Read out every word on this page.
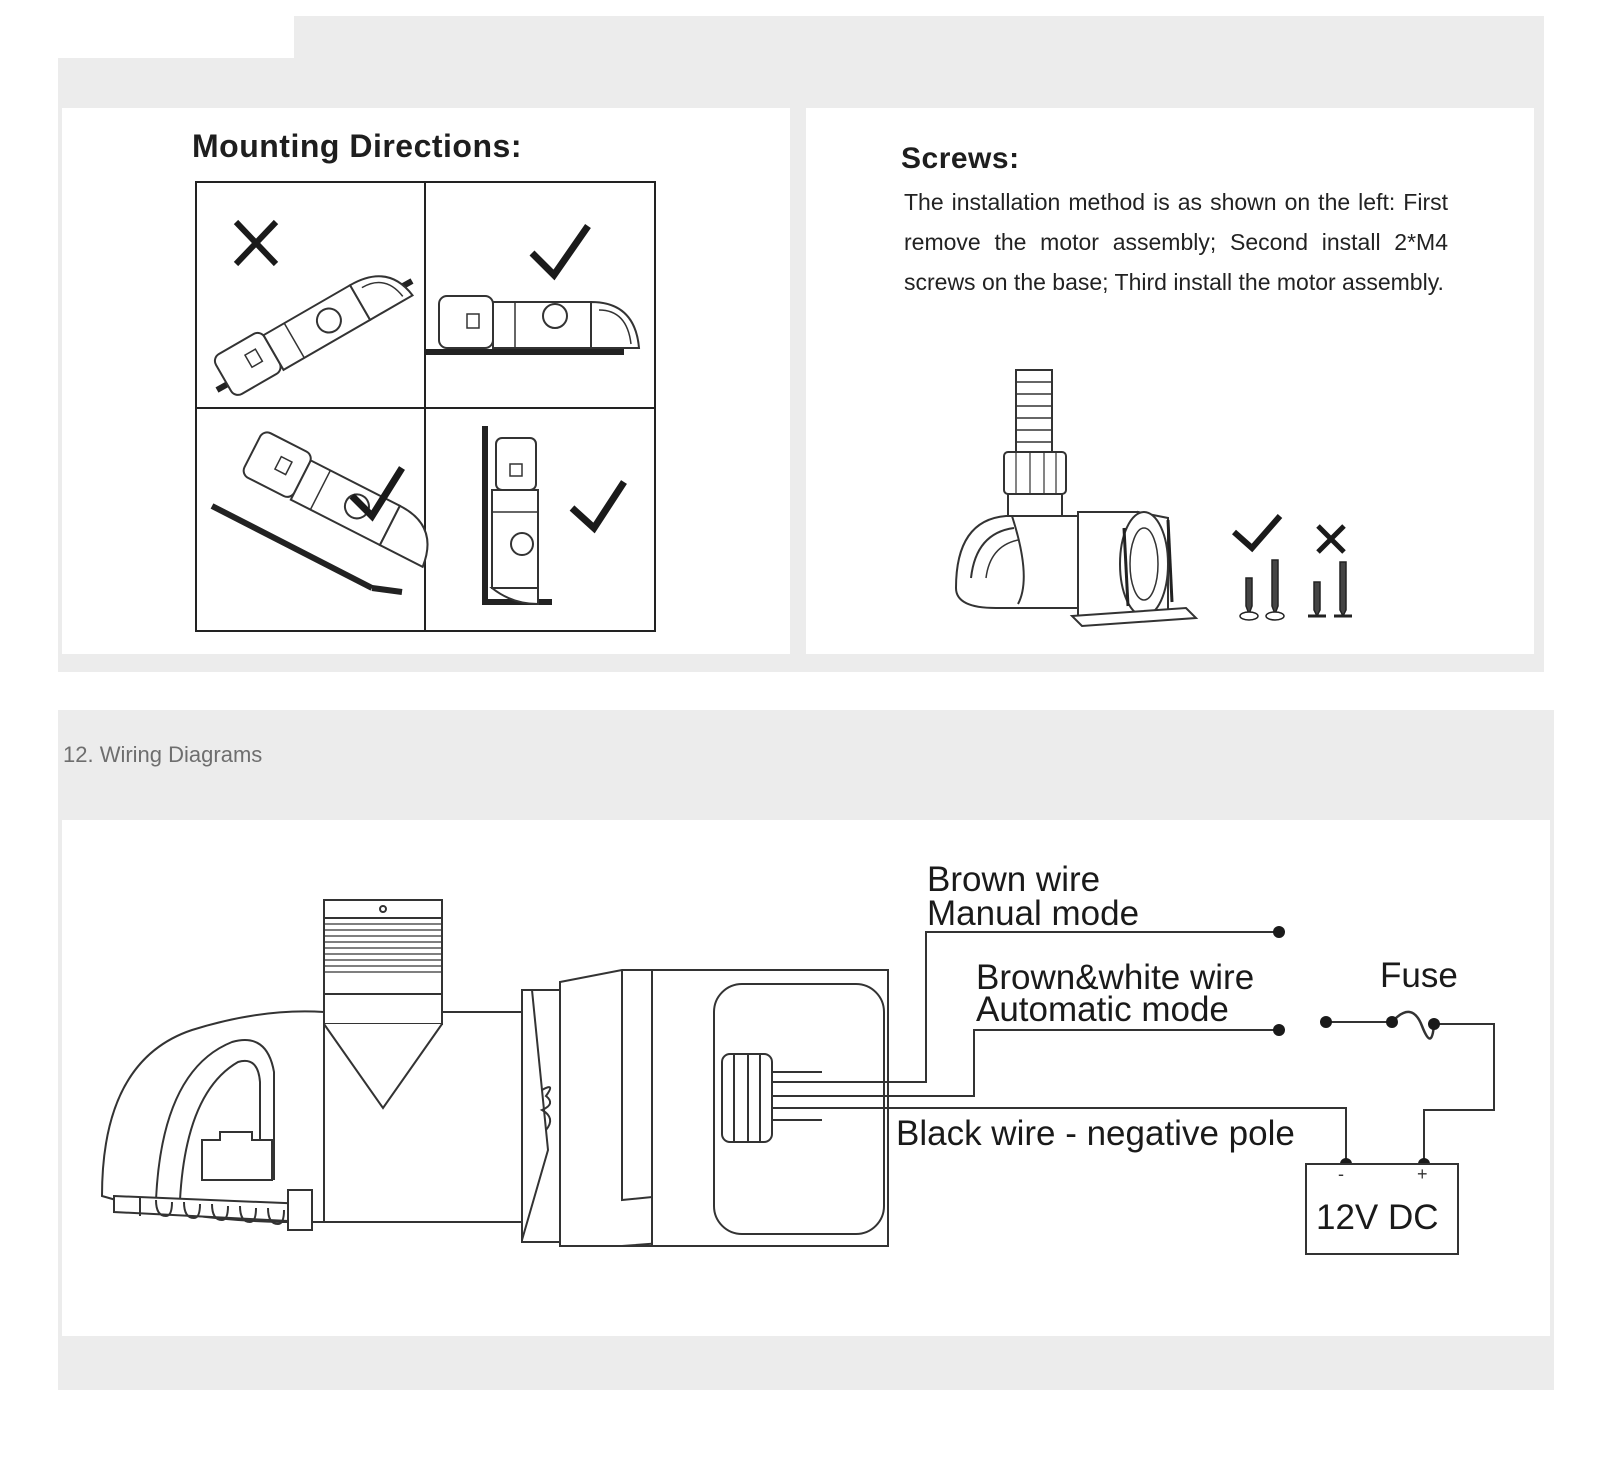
Mounting Directions:	Screws:
The installation method is as shown on the left: First remove the motor assembly; Second install 2*M4 screws on the base; Third install the motor assembly.
12. Wiring Diagrams
Brown wire
Manual mode
Brown&white wire
Automatic mode
Fuse
Black wire - negative pole
-	+
12V DC
